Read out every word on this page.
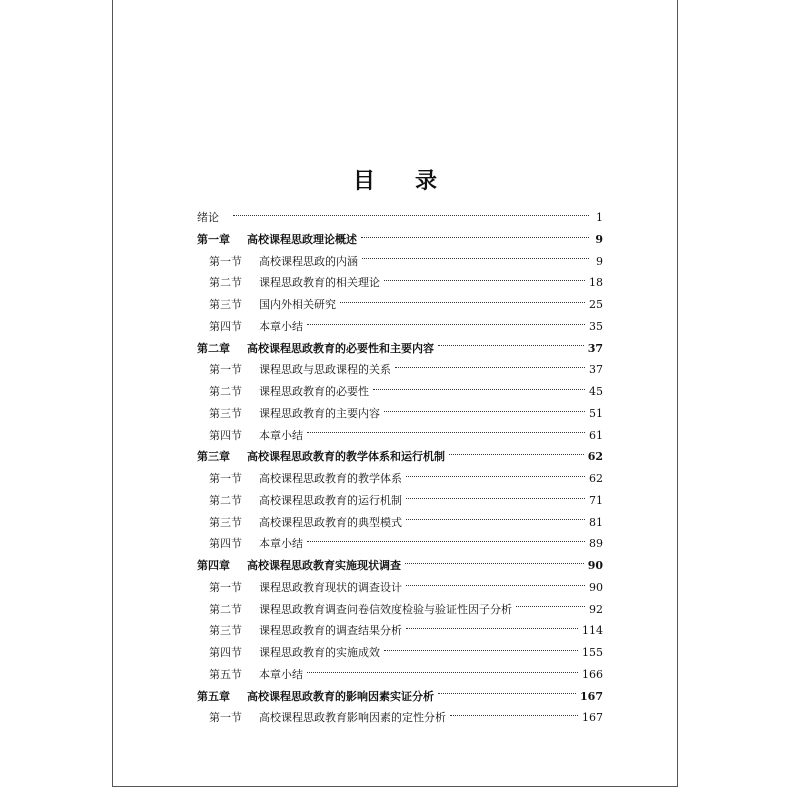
目 录
绪论	1
第一章	高校课程思政理论概述	9
第一节	高校课程思政的内涵	9
第二节	课程思政教育的相关理论	18
第三节	国内外相关研究	25
第四节	本章小结	35
第二章	高校课程思政教育的必要性和主要内容	37
第一节	课程思政与思政课程的关系	37
第二节	课程思政教育的必要性	45
第三节	课程思政教育的主要内容	51
第四节	本章小结	61
第三章	高校课程思政教育的教学体系和运行机制	62
第一节	高校课程思政教育的教学体系	62
第二节	高校课程思政教育的运行机制	71
第三节	高校课程思政教育的典型模式	81
第四节	本章小结	89
第四章	高校课程思政教育实施现状调查	90
第一节	课程思政教育现状的调查设计	90
第二节	课程思政教育调查问卷信效度检验与验证性因子分析	92
第三节	课程思政教育的调查结果分析	114
第四节	课程思政教育的实施成效	155
第五节	本章小结	166
第五章	高校课程思政教育的影响因素实证分析	167
第一节	高校课程思政教育影响因素的定性分析	167
